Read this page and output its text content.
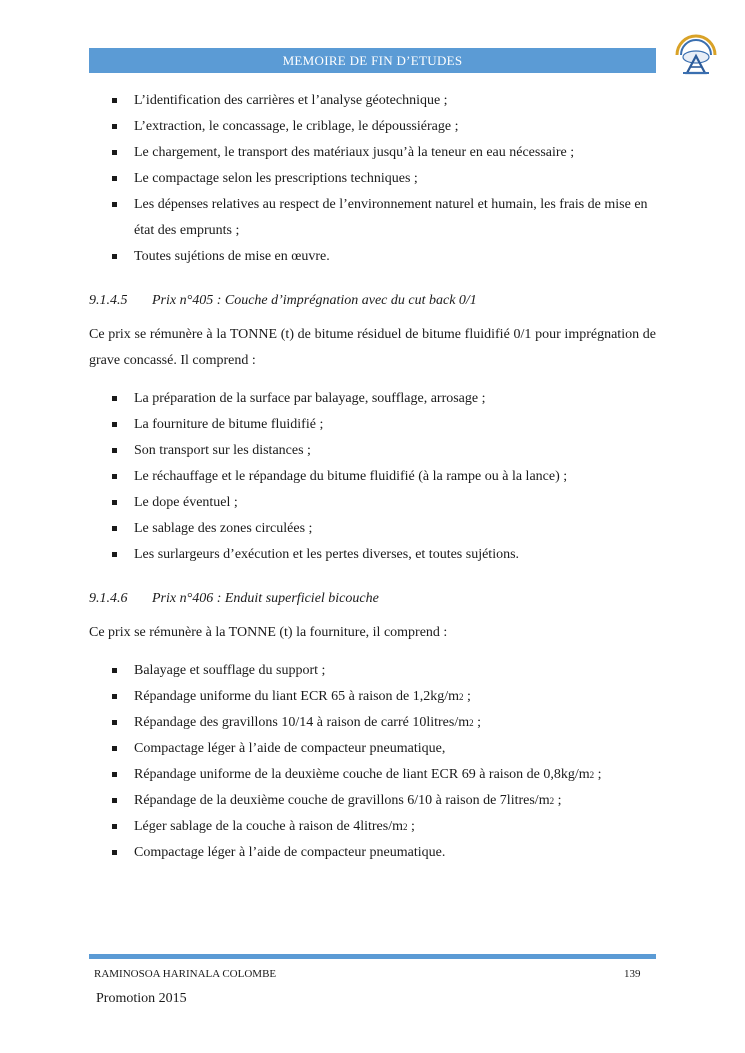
MEMOIRE DE FIN D’ETUDES
L’identification des carrières et l’analyse géotechnique ;
L’extraction, le concassage, le criblage, le dépoussiérage ;
Le chargement, le transport des matériaux jusqu’à la teneur en eau nécessaire ;
Le compactage selon les prescriptions techniques ;
Les dépenses relatives au respect de l’environnement naturel et humain, les frais de mise en état des emprunts ;
Toutes sujétions de mise en œuvre.
9.1.4.5 Prix n°405 : Couche d’imprégnation avec du cut back 0/1

Ce prix se rémunère à la TONNE (t) de bitume résiduel de bitume fluidifié 0/1 pour imprégnation de grave concassé. Il comprend :

La préparation de la surface par balayage, soufflage, arrosage ;
La fourniture de bitume fluidifié ;
Son transport sur les distances ;
Le réchauffage et le répandage du bitume fluidifié (à la rampe ou à la lance) ;
Le dope éventuel ;
Le sablage des zones circulées ;
Les surlargeurs d’exécution et les pertes diverses, et toutes sujétions.
9.1.4.6 Prix n°406 : Enduit superficiel bicouche

Ce prix se rémunère à la TONNE (t) la fourniture, il comprend :

Balayage et soufflage du support ;
Répandage uniforme du liant ECR 65 à raison de 1,2kg/m2 ;
Répandage des gravillons 10/14 à raison de carré 10litres/m2 ;
Compactage léger à l’aide de compacteur pneumatique,
Répandage uniforme de la deuxième couche de liant ECR 69 à raison de 0,8kg/m2 ;
Répandage de la deuxième couche de gravillons 6/10 à raison de 7litres/m2 ;
Léger sablage de la couche à raison de 4litres/m2 ;
Compactage léger à l’aide de compacteur pneumatique.
RAMINOSOA HARINALA COLOMBE	139
Promotion 2015
